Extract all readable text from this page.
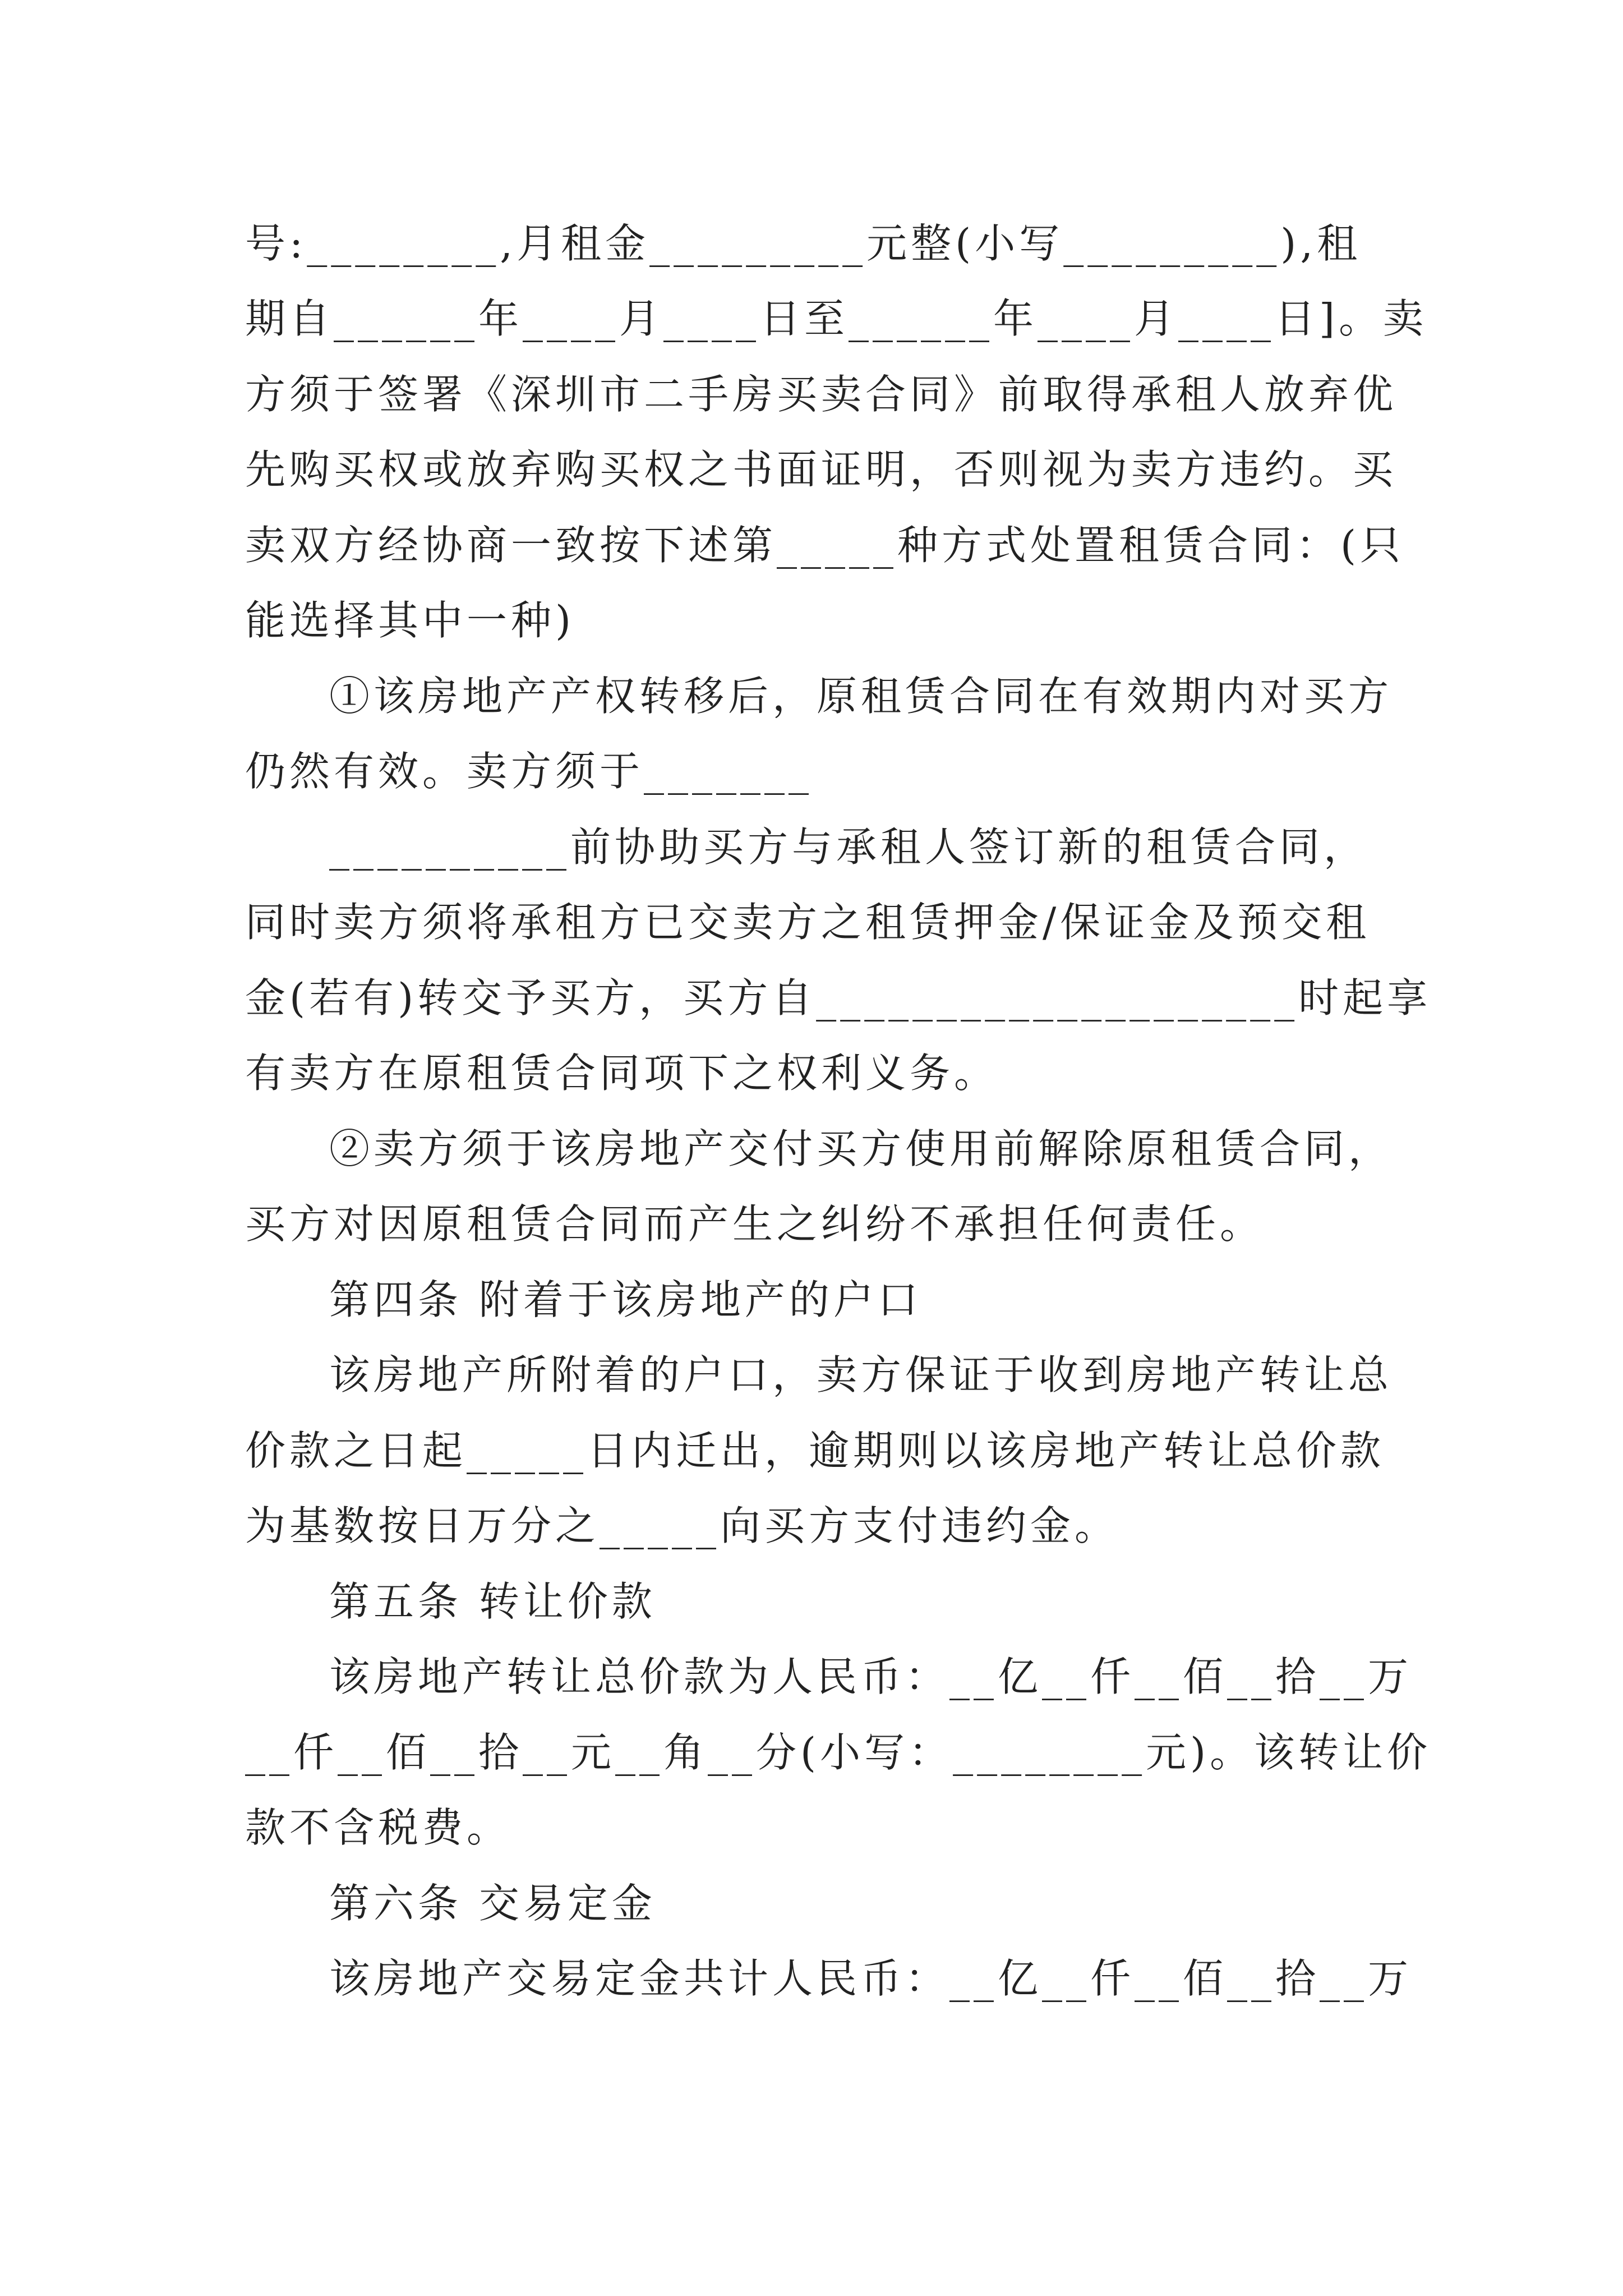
号:________,月租金_________元整(小写_________),租
期自______年____月____日至______年____月____日]。卖
方须于签署《深圳市二手房买卖合同》前取得承租人放弃优
先购买权或放弃购买权之书面证明，否则视为卖方违约。买
卖双方经协商一致按下述第_____种方式处置租赁合同：(只
能选择其中一种)
①该房地产产权转移后，原租赁合同在有效期内对买方
仍然有效。卖方须于_______
__________前协助买方与承租人签订新的租赁合同，
同时卖方须将承租方已交卖方之租赁押金/保证金及预交租
金(若有)转交予买方，买方自____________________时起享
有卖方在原租赁合同项下之权利义务。
②卖方须于该房地产交付买方使用前解除原租赁合同，
买方对因原租赁合同而产生之纠纷不承担任何责任。
第四条 附着于该房地产的户口
该房地产所附着的户口，卖方保证于收到房地产转让总
价款之日起_____日内迁出，逾期则以该房地产转让总价款
为基数按日万分之_____向买方支付违约金。
第五条 转让价款
该房地产转让总价款为人民币：__亿__仟__佰__拾__万
__仟__佰__拾__元__角__分(小写：________元)。该转让价
款不含税费。
第六条 交易定金
该房地产交易定金共计人民币：__亿__仟__佰__拾__万
